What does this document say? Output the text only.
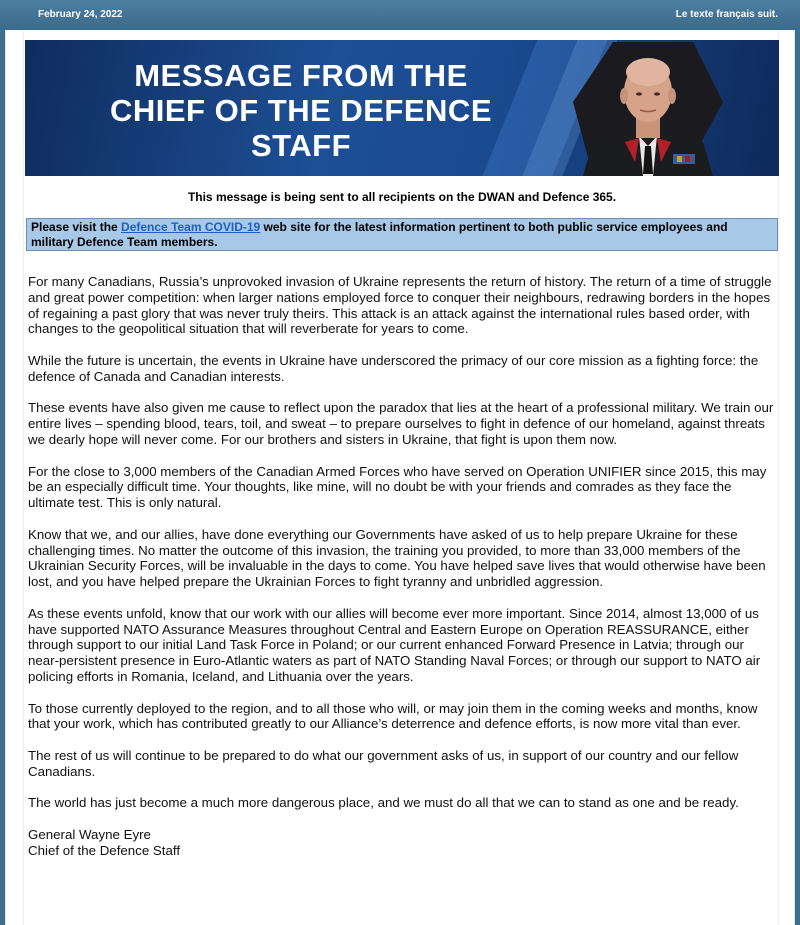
February 24, 2022	Le texte français suit.
MESSAGE FROM THE CHIEF OF THE DEFENCE STAFF
This message is being sent to all recipients on the DWAN and Defence 365.
Please visit the Defence Team COVID-19 web site for the latest information pertinent to both public service employees and military Defence Team members.

For many Canadians, Russia’s unprovoked invasion of Ukraine represents the return of history. The return of a time of struggle and great power competition: when larger nations employed force to conquer their neighbours, redrawing borders in the hopes of regaining a past glory that was never truly theirs. This attack is an attack against the international rules based order, with changes to the geopolitical situation that will reverberate for years to come.

While the future is uncertain, the events in Ukraine have underscored the primacy of our core mission as a fighting force: the defence of Canada and Canadian interests.

These events have also given me cause to reflect upon the paradox that lies at the heart of a professional military. We train our entire lives – spending blood, tears, toil, and sweat – to prepare ourselves to fight in defence of our homeland, against threats we dearly hope will never come. For our brothers and sisters in Ukraine, that fight is upon them now.

For the close to 3,000 members of the Canadian Armed Forces who have served on Operation UNIFIER since 2015, this may be an especially difficult time. Your thoughts, like mine, will no doubt be with your friends and comrades as they face the ultimate test. This is only natural.

Know that we, and our allies, have done everything our Governments have asked of us to help prepare Ukraine for these challenging times. No matter the outcome of this invasion, the training you provided, to more than 33,000 members of the Ukrainian Security Forces, will be invaluable in the days to come. You have helped save lives that would otherwise have been lost, and you have helped prepare the Ukrainian Forces to fight tyranny and unbridled aggression.

As these events unfold, know that our work with our allies will become ever more important. Since 2014, almost 13,000 of us have supported NATO Assurance Measures throughout Central and Eastern Europe on Operation REASSURANCE, either through support to our initial Land Task Force in Poland; or our current enhanced Forward Presence in Latvia; through our near-persistent presence in Euro-Atlantic waters as part of NATO Standing Naval Forces; or through our support to NATO air policing efforts in Romania, Iceland, and Lithuania over the years.

To those currently deployed to the region, and to all those who will, or may join them in the coming weeks and months, know that your work, which has contributed greatly to our Alliance’s deterrence and defence efforts, is now more vital than ever.

The rest of us will continue to be prepared to do what our government asks of us, in support of our country and our fellow Canadians.

The world has just become a much more dangerous place, and we must do all that we can to stand as one and be ready.

General Wayne Eyre
Chief of the Defence Staff
